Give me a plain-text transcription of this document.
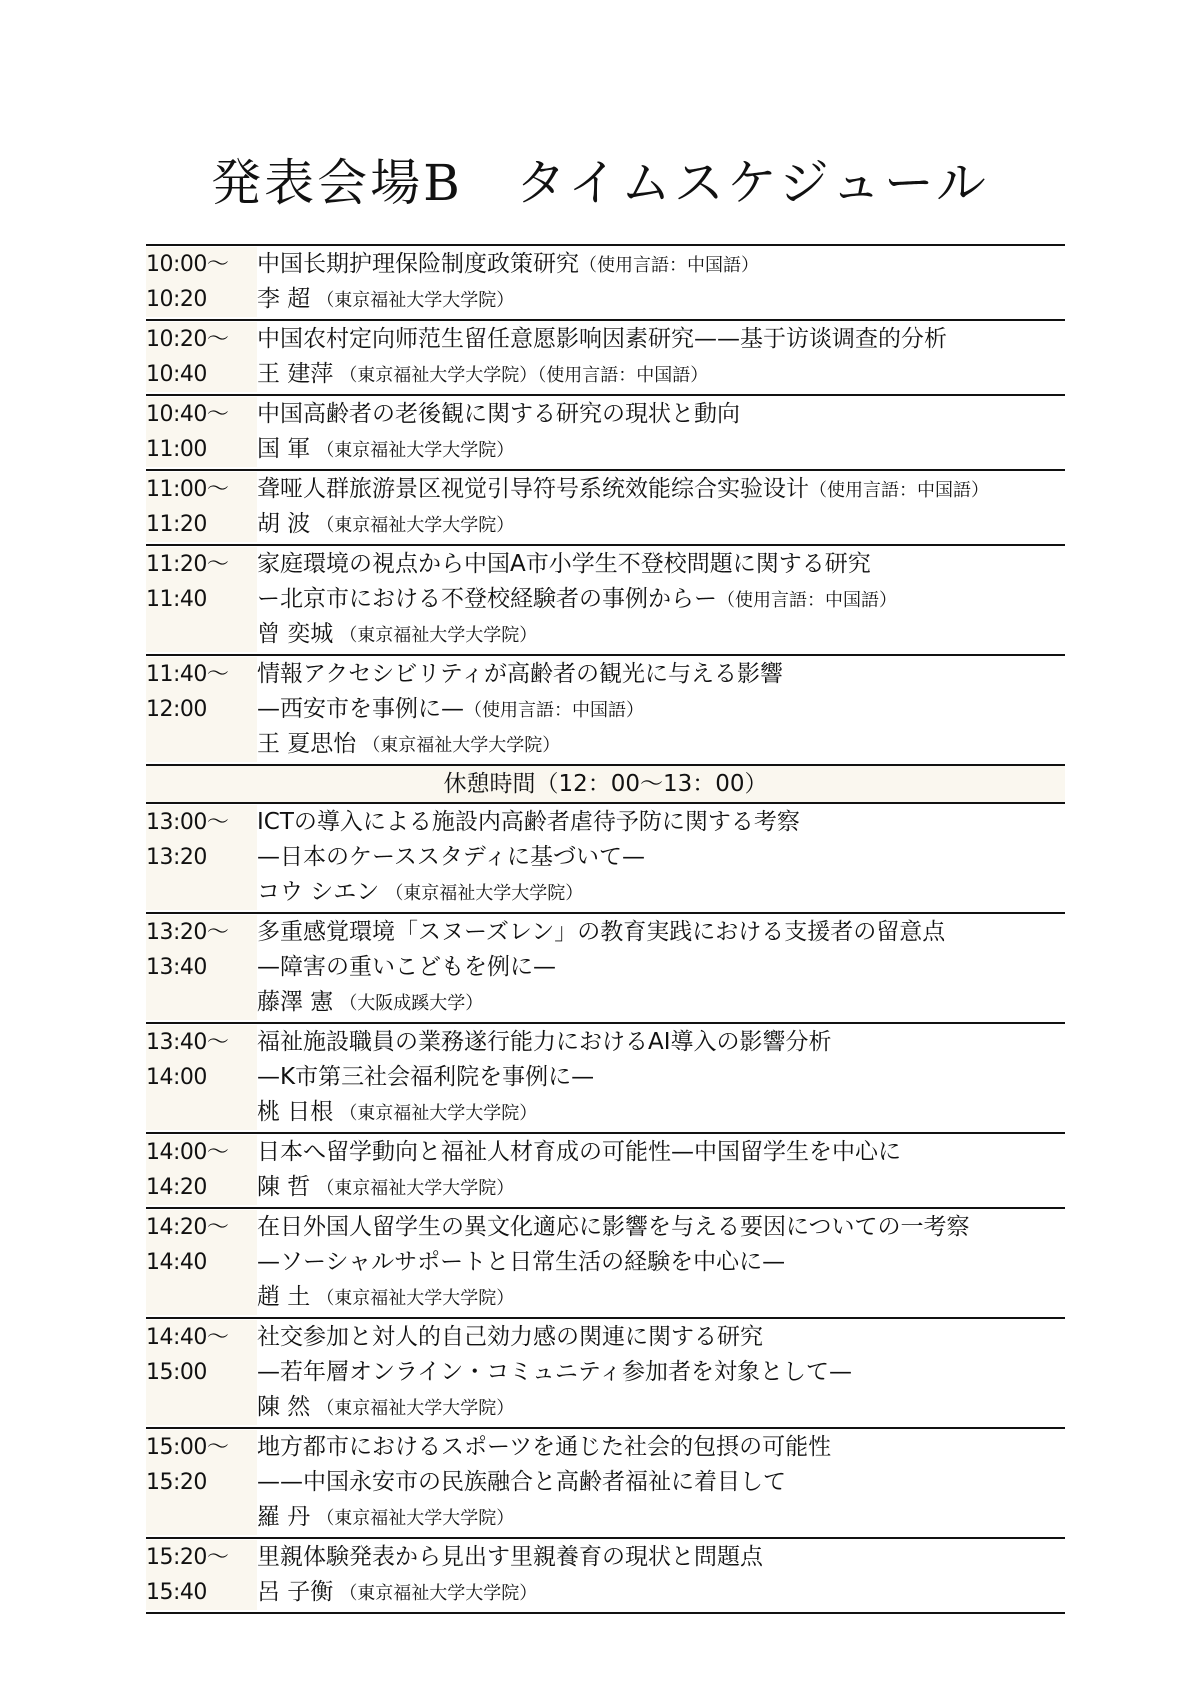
発表会場B　タイムスケジュール
10:00〜
10:20
中国长期护理保险制度政策研究（使用言語：中国語）
李 超 （東京福祉大学大学院）
10:20〜
10:40
中国农村定向师范生留任意愿影响因素研究——基于访谈调查的分析
王 建萍 （東京福祉大学大学院）（使用言語：中国語）
10:40〜
11:00
中国高齢者の老後観に関する研究の現状と動向
国 軍 （東京福祉大学大学院）
11:00〜
11:20
聋哑人群旅游景区视觉引导符号系统效能综合实验设计（使用言語：中国語）
胡 波 （東京福祉大学大学院）
11:20〜
11:40
家庭環境の視点から中国A市小学生不登校問題に関する研究
ー北京市における不登校経験者の事例からー（使用言語：中国語）
曾 奕城 （東京福祉大学大学院）
11:40〜
12:00
情報アクセシビリティが高齢者の観光に与える影響
—西安市を事例に—（使用言語：中国語）
王 夏思怡 （東京福祉大学大学院）
休憩時間（12：00〜13：00）
13:00〜
13:20
ICTの導入による施設内高齢者虐待予防に関する考察
—日本のケーススタディに基づいて—
コウ シエン （東京福祉大学大学院）
13:20〜
13:40
多重感覚環境「スヌーズレン」の教育実践における支援者の留意点
—障害の重いこどもを例に—
藤澤 憲 （大阪成蹊大学）
13:40〜
14:00
福祉施設職員の業務遂行能力におけるAI導入の影響分析
—K市第三社会福利院を事例に—
桃 日根 （東京福祉大学大学院）
14:00〜
14:20
日本へ留学動向と福祉人材育成の可能性—中国留学生を中心に
陳 哲 （東京福祉大学大学院）
14:20〜
14:40
在日外国人留学生の異文化適応に影響を与える要因についての一考察
—ソーシャルサポートと日常生活の経験を中心に—
趙 土 （東京福祉大学大学院）
14:40〜
15:00
社交参加と対人的自己効力感の関連に関する研究
—若年層オンライン・コミュニティ参加者を対象として—
陳 然 （東京福祉大学大学院）
15:00〜
15:20
地方都市におけるスポーツを通じた社会的包摂の可能性
——中国永安市の民族融合と高齢者福祉に着目して
羅 丹 （東京福祉大学大学院）
15:20〜
15:40
里親体験発表から見出す里親養育の現状と問題点
呂 子衡 （東京福祉大学大学院）
